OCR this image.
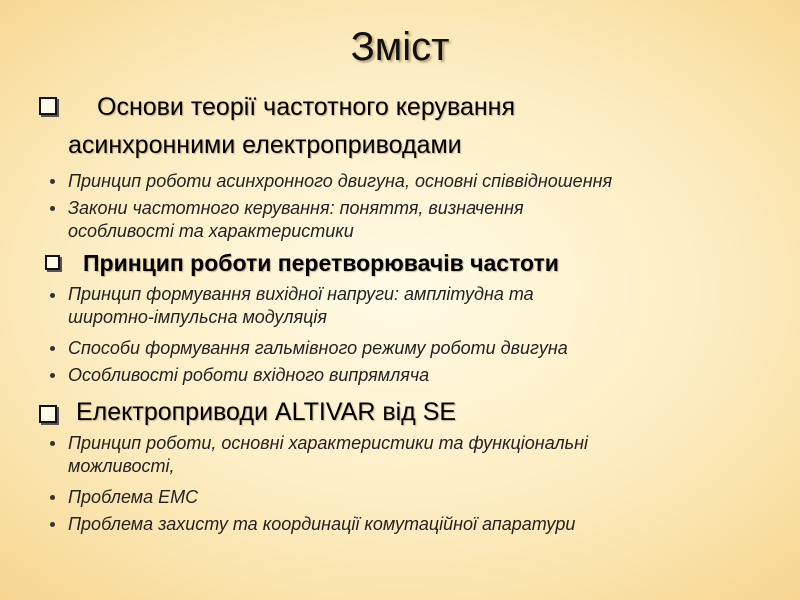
Зміст
Основи теорії частотного керування
асинхронними електроприводами
Принцип роботи асинхронного двигуна, основні співвідношення
Закони частотного керування: поняття, визначення
особливості та характеристики
Принцип роботи перетворювачів частоти
Принцип формування вихідної напруги: амплітудна та
широтно-імпульсна модуляція
Способи формування гальмівного режиму роботи двигуна
Особливості роботи вхідного випрямляча
Електроприводи ALTIVAR від SE
Принцип роботи, основні характеристики та функціональні
можливості,
Проблема ЕМС
Проблема захисту та координації комутаційної апаратури
